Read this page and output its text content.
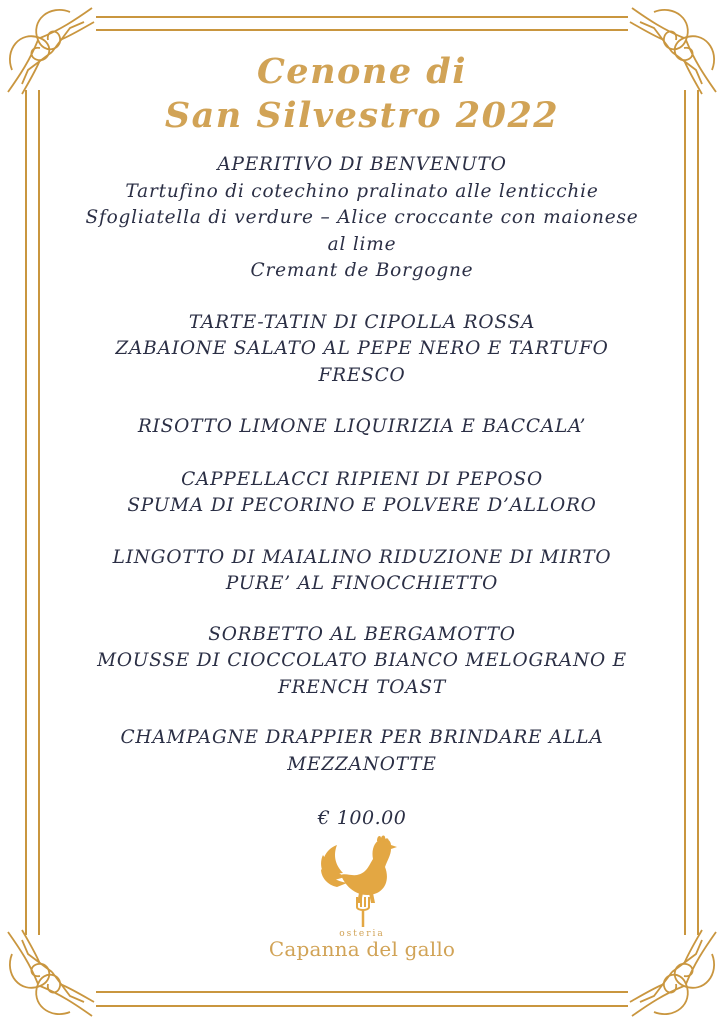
Cenone di
San Silvestro 2022
APERITIVO DI BENVENUTO
Tartufino di cotechino pralinato alle lenticchie
Sfogliatella di verdure – Alice croccante con maionese
al lime
Cremant de Borgogne
TARTE-TATIN DI CIPOLLA ROSSA
ZABAIONE SALATO AL PEPE NERO E TARTUFO
FRESCO
RISOTTO LIMONE LIQUIRIZIA E BACCALA’
CAPPELLACCI RIPIENI DI PEPOSO
SPUMA DI PECORINO E POLVERE D’ALLORO
LINGOTTO DI MAIALINO RIDUZIONE DI MIRTO
PURE’ AL FINOCCHIETTO
SORBETTO AL BERGAMOTTO
MOUSSE DI CIOCCOLATO BIANCO MELOGRANO E
FRENCH TOAST
CHAMPAGNE DRAPPIER PER BRINDARE ALLA
MEZZANOTTE
€ 100.00
osteria
Capanna del gallo
